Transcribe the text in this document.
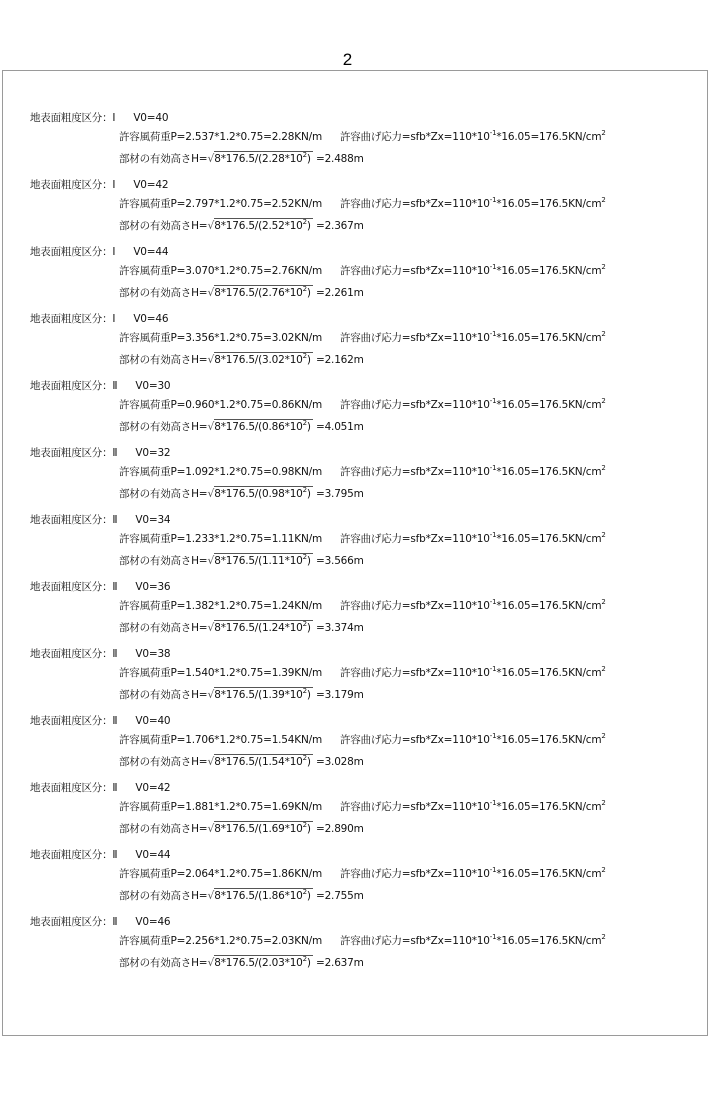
2
地表面粗度区分：Ⅰ V0=40
許容風荷重P=2.537*1.2*0.75=2.28KN/m 許容曲げ応力$=sfb*Zx=110*10^{-1}*16.05=176.5KN/cm^2$
部材の有効高さ$H=√8*176.5/(2.28*10^2) =2.488m$
地表面粗度区分：Ⅰ V0=42
許容風荷重P=2.797*1.2*0.75=2.52KN/m 許容曲げ応力$=sfb*Zx=110*10^{-1}*16.05=176.5KN/cm^2$
部材の有効高さ$H=√8*176.5/(2.52*10^2) =2.367m$
地表面粗度区分：Ⅰ V0=44
許容風荷重P=3.070*1.2*0.75=2.76KN/m 許容曲げ応力$=sfb*Zx=110*10^{-1}*16.05=176.5KN/cm^2$
部材の有効高さ$H=√8*176.5/(2.76*10^2) =2.261m$
地表面粗度区分：Ⅰ V0=46
許容風荷重P=3.356*1.2*0.75=3.02KN/m 許容曲げ応力$=sfb*Zx=110*10^{-1}*16.05=176.5KN/cm^2$
部材の有効高さ$H=√8*176.5/(3.02*10^2) =2.162m$
地表面粗度区分：Ⅱ V0=30
許容風荷重P=0.960*1.2*0.75=0.86KN/m 許容曲げ応力$=sfb*Zx=110*10^{-1}*16.05=176.5KN/cm^2$
部材の有効高さ$H=√8*176.5/(0.86*10^2) =4.051m$
地表面粗度区分：Ⅱ V0=32
許容風荷重P=1.092*1.2*0.75=0.98KN/m 許容曲げ応力$=sfb*Zx=110*10^{-1}*16.05=176.5KN/cm^2$
部材の有効高さ$H=√8*176.5/(0.98*10^2) =3.795m$
地表面粗度区分：Ⅱ V0=34
許容風荷重P=1.233*1.2*0.75=1.11KN/m 許容曲げ応力$=sfb*Zx=110*10^{-1}*16.05=176.5KN/cm^2$
部材の有効高さ$H=√8*176.5/(1.11*10^2) =3.566m$
地表面粗度区分：Ⅱ V0=36
許容風荷重P=1.382*1.2*0.75=1.24KN/m 許容曲げ応力$=sfb*Zx=110*10^{-1}*16.05=176.5KN/cm^2$
部材の有効高さ$H=√8*176.5/(1.24*10^2) =3.374m$
地表面粗度区分：Ⅱ V0=38
許容風荷重P=1.540*1.2*0.75=1.39KN/m 許容曲げ応力$=sfb*Zx=110*10^{-1}*16.05=176.5KN/cm^2$
部材の有効高さ$H=√8*176.5/(1.39*10^2) =3.179m$
地表面粗度区分：Ⅱ V0=40
許容風荷重P=1.706*1.2*0.75=1.54KN/m 許容曲げ応力$=sfb*Zx=110*10^{-1}*16.05=176.5KN/cm^2$
部材の有効高さ$H=√8*176.5/(1.54*10^2) =3.028m$
地表面粗度区分：Ⅱ V0=42
許容風荷重P=1.881*1.2*0.75=1.69KN/m 許容曲げ応力$=sfb*Zx=110*10^{-1}*16.05=176.5KN/cm^2$
部材の有効高さ$H=√8*176.5/(1.69*10^2) =2.890m$
地表面粗度区分：Ⅱ V0=44
許容風荷重P=2.064*1.2*0.75=1.86KN/m 許容曲げ応力$=sfb*Zx=110*10^{-1}*16.05=176.5KN/cm^2$
部材の有効高さ$H=√8*176.5/(1.86*10^2) =2.755m$
地表面粗度区分：Ⅱ V0=46
許容風荷重P=2.256*1.2*0.75=2.03KN/m 許容曲げ応力$=sfb*Zx=110*10^{-1}*16.05=176.5KN/cm^2$
部材の有効高さ$H=√8*176.5/(2.03*10^2) =2.637m$
